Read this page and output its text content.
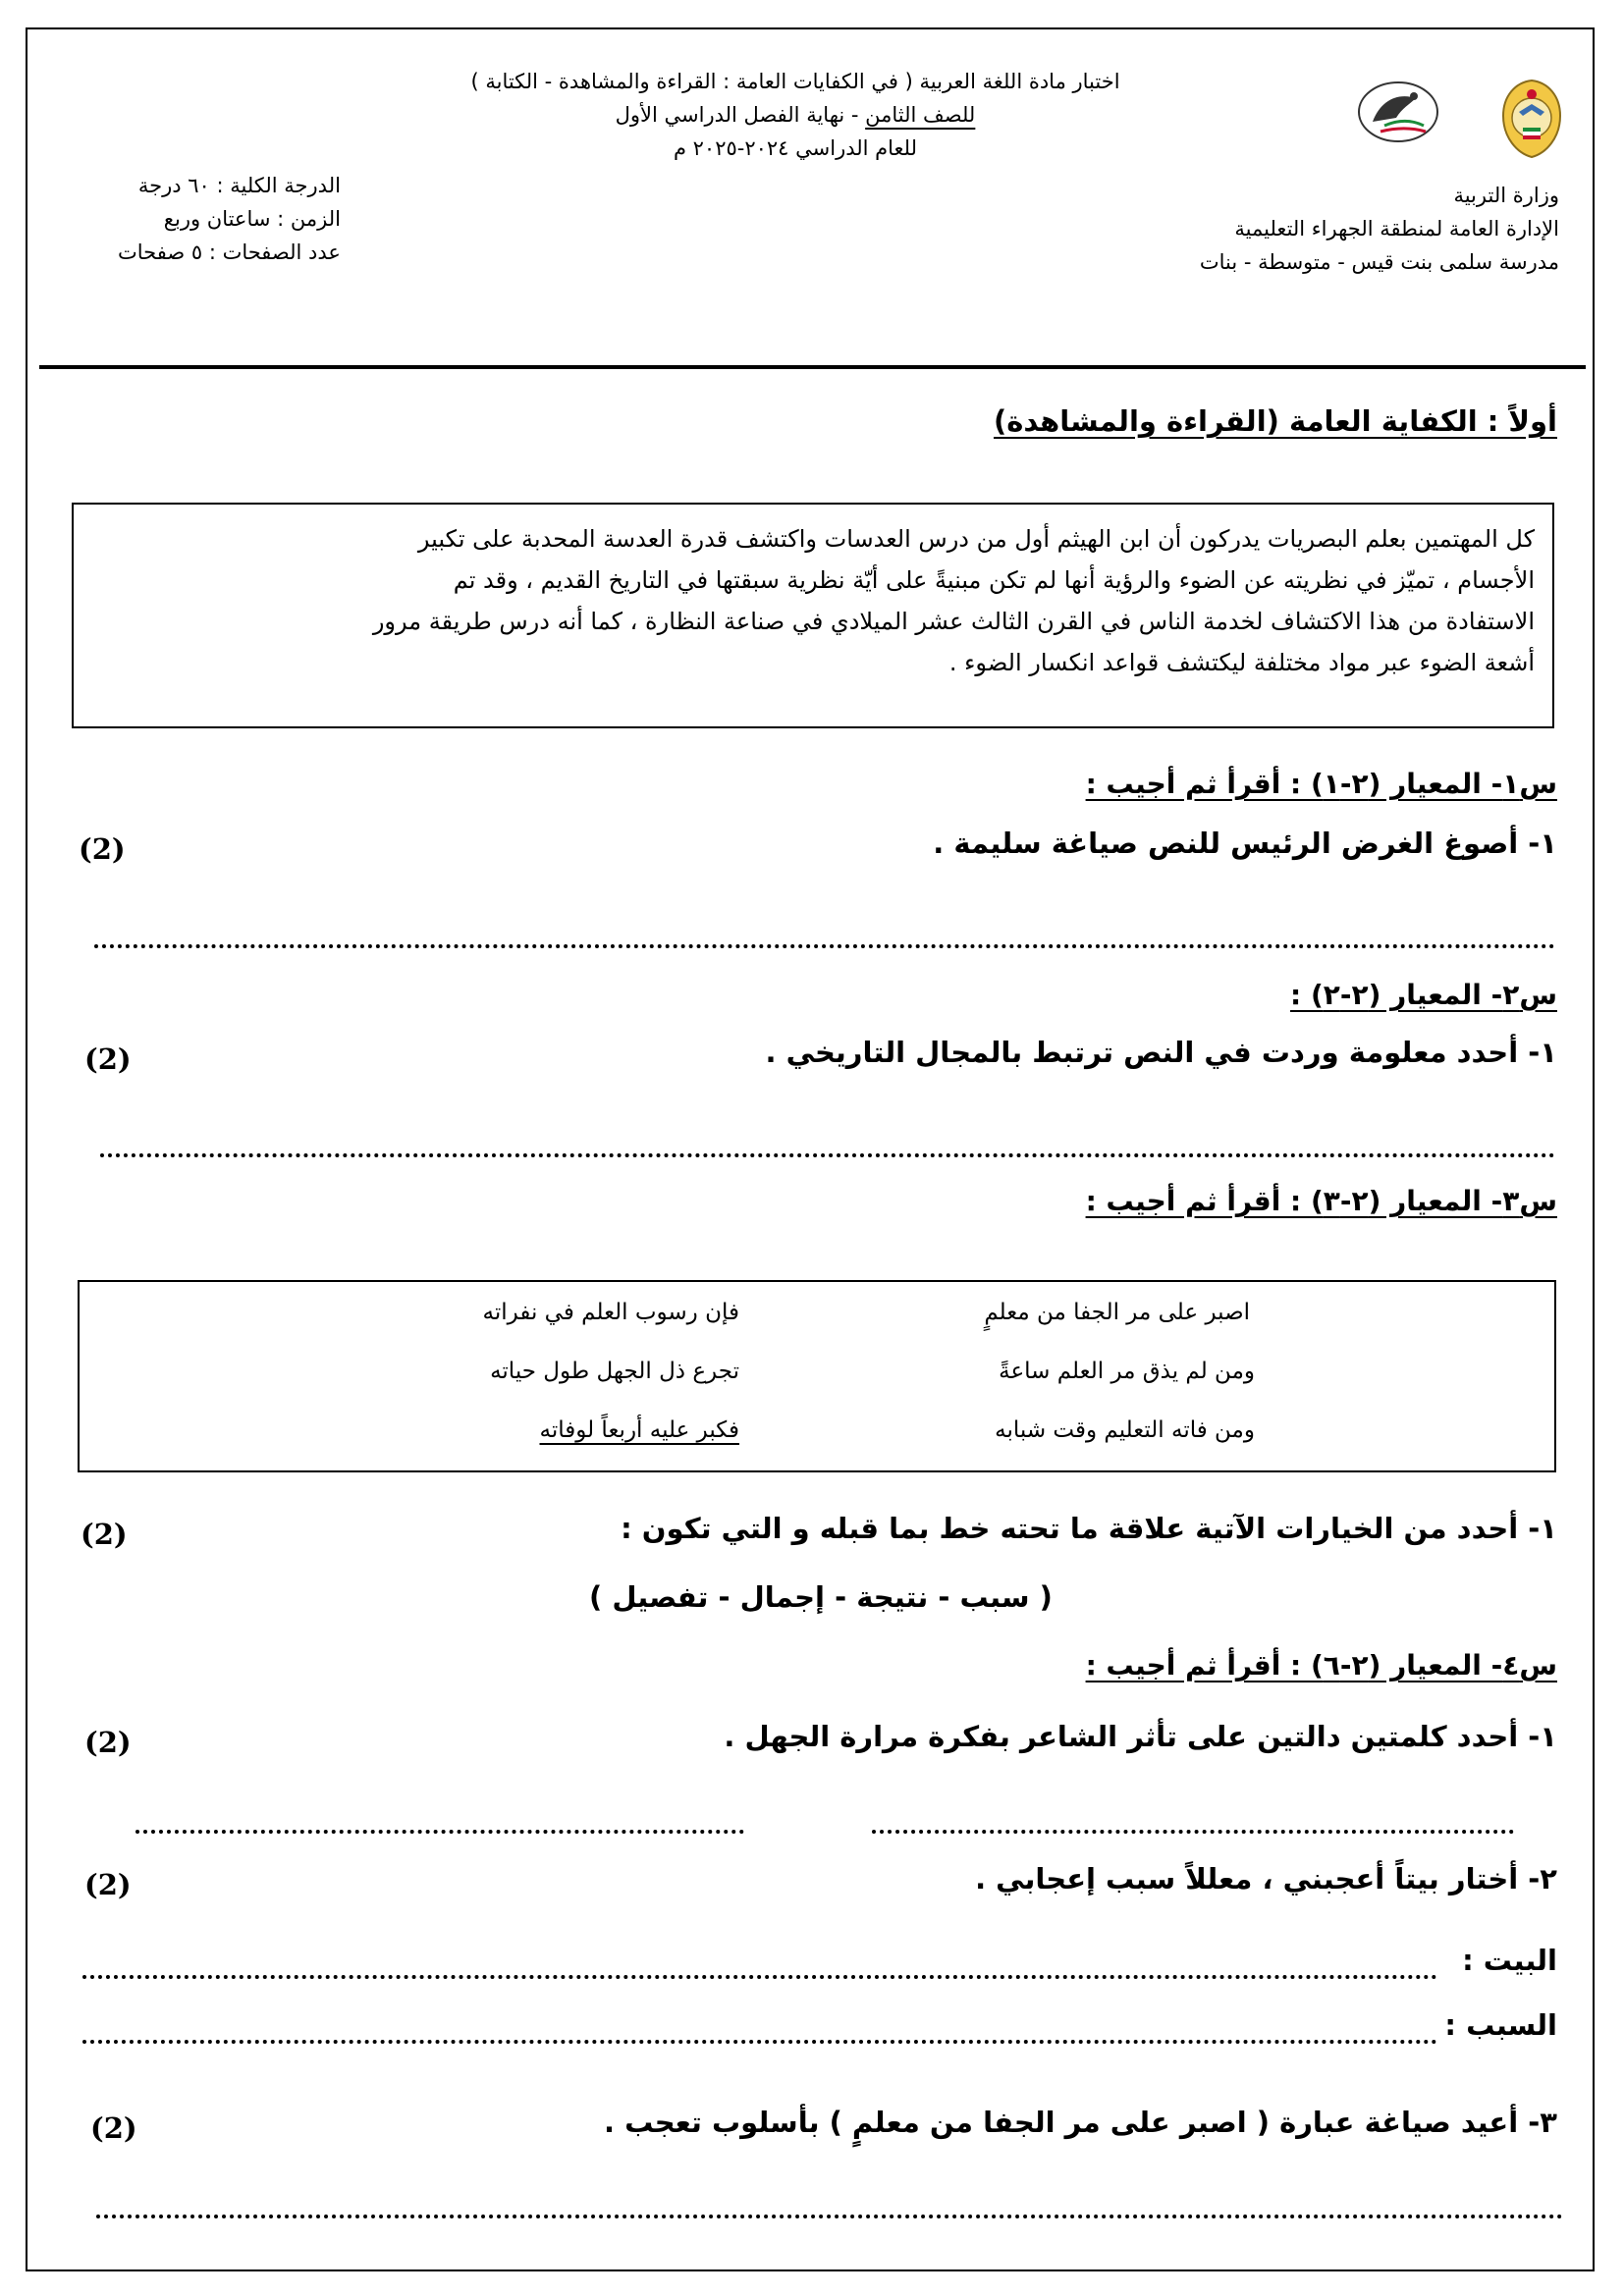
وزارة التربية
الإدارة العامة لمنطقة الجهراء التعليمية
مدرسة سلمى بنت قيس - متوسطة - بنات
اختبار مادة اللغة العربية ( في الكفايات العامة : القراءة والمشاهدة - الكتابة )
للصف الثامن - نهاية الفصل الدراسي الأول
للعام الدراسي ٢٠٢٤-٢٠٢٥ م
الدرجة الكلية : ٦٠ درجة
الزمن : ساعتان وربع
عدد الصفحات : ٥ صفحات
أولاً : الكفاية العامة (القراءة والمشاهدة)
كل المهتمين بعلم البصريات يدركون أن ابن الهيثم أول من درس العدسات واكتشف قدرة العدسة المحدبة على تكبير
الأجسام ، تميّز في نظريته عن الضوء والرؤية أنها لم تكن مبنيةً على أيّة نظرية سبقتها في التاريخ القديم ، وقد تم
الاستفادة من هذا الاكتشاف لخدمة الناس في القرن الثالث عشر الميلادي في صناعة النظارة ، كما أنه درس طريقة مرور
أشعة الضوء عبر مواد مختلفة ليكتشف قواعد انكسار الضوء .
س١- المعيار (٢-١) : أقرأ ثم أجيب :
١- أصوغ الغرض الرئيس للنص صياغة سليمة .
(2)
س٢- المعيار (٢-٢) :
١- أحدد معلومة وردت في النص ترتبط بالمجال التاريخي .
(2)
س٣- المعيار (٢-٣) : أقرأ ثم أجيب :
اصبر على مر الجفا من معلمٍ
فإن رسوب العلم في نفراته
ومن لم يذق مر العلم ساعةً
تجرع ذل الجهل طول حياته
ومن فاته التعليم وقت شبابه
فكبر عليه أربعاً لوفاته
١- أحدد من الخيارات الآتية علاقة ما تحته خط بما قبله و التي تكون :
(2)
( سبب - نتيجة - إجمال - تفصيل )
س٤- المعيار (٢-٦) : أقرأ ثم أجيب :
١- أحدد كلمتين دالتين على تأثر الشاعر بفكرة مرارة الجهل .
(2)
٢- أختار بيتاً أعجبني ، معللاً سبب إعجابي .
(2)
البيت :
السبب :
٣- أعيد صياغة عبارة ( اصبر على مر الجفا من معلمٍ ) بأسلوب تعجب .
(2)
